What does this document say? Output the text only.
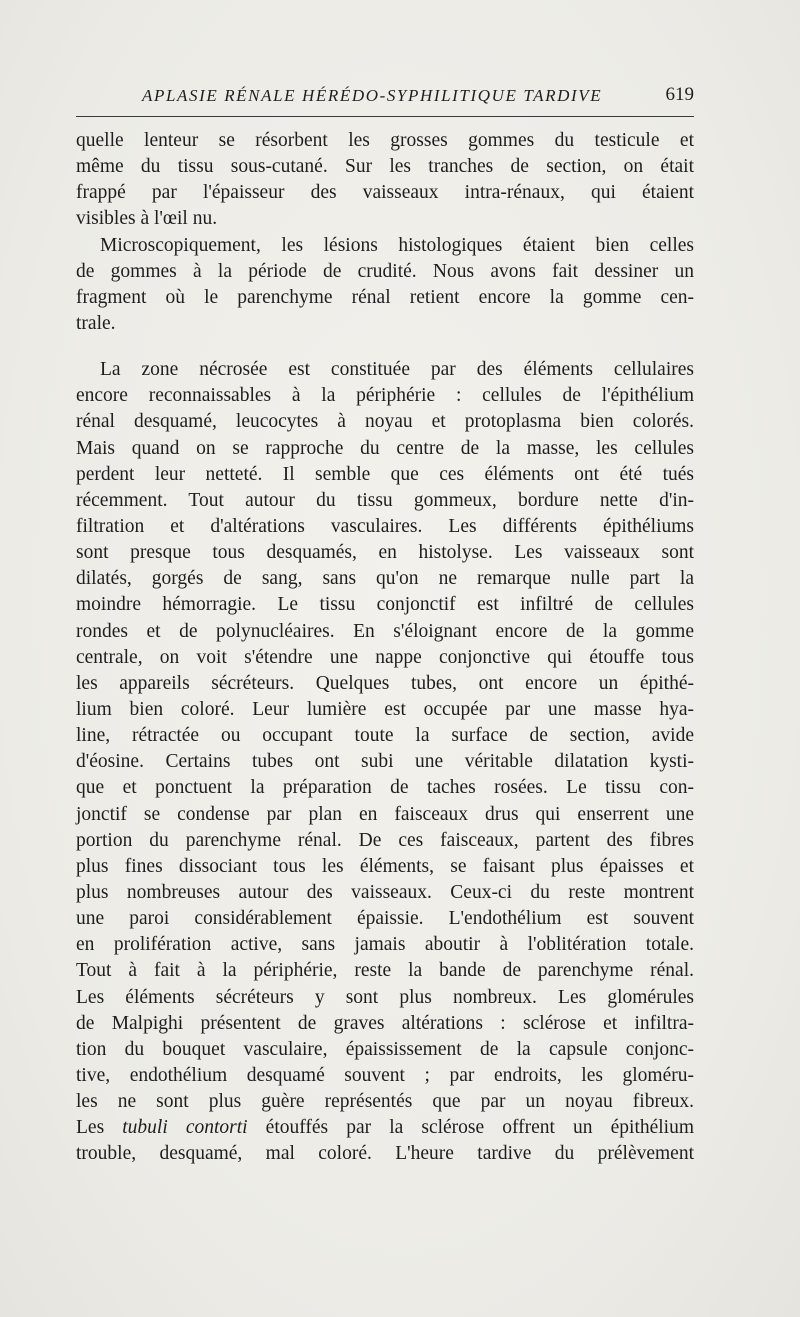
APLASIE RÉNALE HÉRÉDO-SYPHILITIQUE TARDIVE	619
quelle lenteur se résorbent les grosses gommes du testicule et
même du tissu sous-cutané. Sur les tranches de section, on était
frappé par l'épaisseur des vaisseaux intra-rénaux, qui étaient
visibles à l'œil nu.
Microscopiquement, les lésions histologiques étaient bien celles
de gommes à la période de crudité. Nous avons fait dessiner un
fragment où le parenchyme rénal retient encore la gomme cen-
trale.
La zone nécrosée est constituée par des éléments cellulaires
encore reconnaissables à la périphérie : cellules de l'épithélium
rénal desquamé, leucocytes à noyau et protoplasma bien colorés.
Mais quand on se rapproche du centre de la masse, les cellules
perdent leur netteté. Il semble que ces éléments ont été tués
récemment. Tout autour du tissu gommeux, bordure nette d'in-
filtration et d'altérations vasculaires. Les différents épithéliums
sont presque tous desquamés, en histolyse. Les vaisseaux sont
dilatés, gorgés de sang, sans qu'on ne remarque nulle part la
moindre hémorragie. Le tissu conjonctif est infiltré de cellules
rondes et de polynucléaires. En s'éloignant encore de la gomme
centrale, on voit s'étendre une nappe conjonctive qui étouffe tous
les appareils sécréteurs. Quelques tubes, ont encore un épithé-
lium bien coloré. Leur lumière est occupée par une masse hya-
line, rétractée ou occupant toute la surface de section, avide
d'éosine. Certains tubes ont subi une véritable dilatation kysti-
que et ponctuent la préparation de taches rosées. Le tissu con-
jonctif se condense par plan en faisceaux drus qui enserrent une
portion du parenchyme rénal. De ces faisceaux, partent des fibres
plus fines dissociant tous les éléments, se faisant plus épaisses et
plus nombreuses autour des vaisseaux. Ceux-ci du reste montrent
une paroi considérablement épaissie. L'endothélium est souvent
en prolifération active, sans jamais aboutir à l'oblitération totale.
Tout à fait à la périphérie, reste la bande de parenchyme rénal.
Les éléments sécréteurs y sont plus nombreux. Les glomérules
de Malpighi présentent de graves altérations : sclérose et infiltra-
tion du bouquet vasculaire, épaississement de la capsule conjonc-
tive, endothélium desquamé souvent ; par endroits, les gloméru-
les ne sont plus guère représentés que par un noyau fibreux.
Les tubuli contorti étouffés par la sclérose offrent un épithélium
trouble, desquamé, mal coloré. L'heure tardive du prélèvement
